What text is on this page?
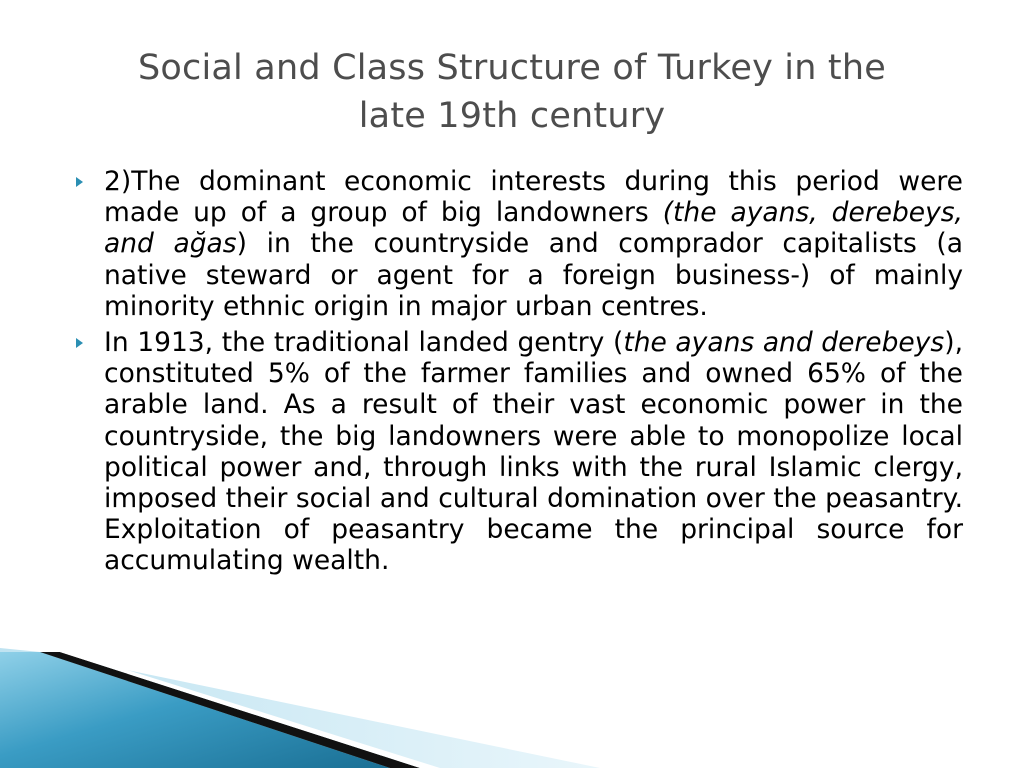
Social and Class Structure of Turkey in the
late 19th century
2)The dominant economic interests during this period were made up of a group of big landowners (the ayans, derebeys, and ağas) in the countryside and comprador capitalists (a native steward or agent for a foreign business-) of mainly minority ethnic origin in major urban centres.
In 1913, the traditional landed gentry (the ayans and derebeys), constituted 5% of the farmer families and owned 65% of the arable land. As a result of their vast economic power in the countryside, the big landowners were able to monopolize local political power and, through links with the rural Islamic clergy, imposed their social and cultural domination over the peasantry. Exploitation of peasantry became the principal source for accumulating wealth.
